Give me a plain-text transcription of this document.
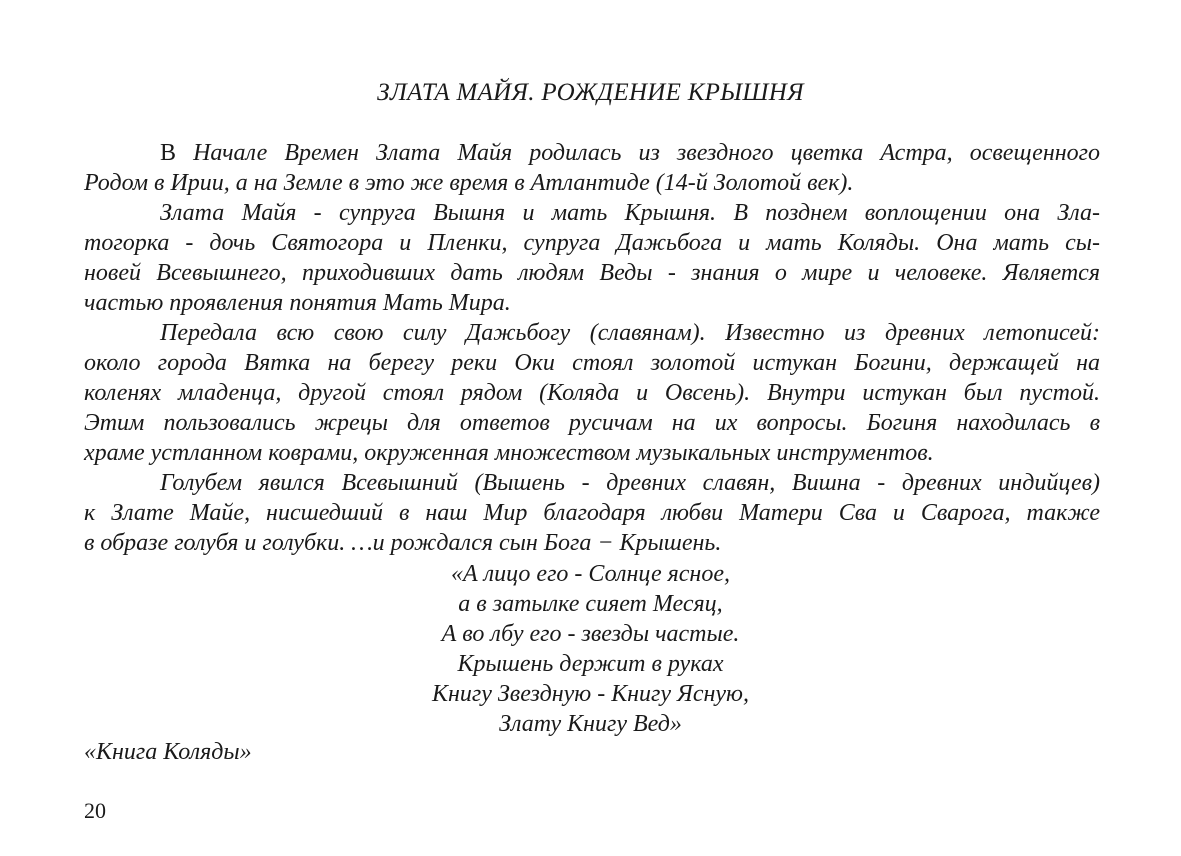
ЗЛАТА МАЙЯ. РОЖДЕНИЕ КРЫШНЯ
В Начале Времен Злата Майя родилась из звездного цветка Астра, освещенного
Родом в Ирии, а на Земле в это же время в Атлантиде (14-й Золотой век).
Злата Майя - супруга Вышня и мать Крышня. В позднем воплощении она Зла-
тогорка - дочь Святогора и Пленки, супруга Дажьбога и мать Коляды. Она мать сы-
новей Всевышнего, приходивших дать людям Веды - знания о мире и человеке. Является
частью проявления понятия Мать Мира.
Передала всю свою силу Дажьбогу (славянам). Известно из древних летописей:
около города Вятка на берегу реки Оки стоял золотой истукан Богини, держащей на
коленях младенца, другой стоял рядом (Коляда и Овсень). Внутри истукан был пустой.
Этим пользовались жрецы для ответов русичам на их вопросы. Богиня находилась в
храме устланном коврами, окруженная множеством музыкальных инструментов.
Голубем явился Всевышний (Вышень - древних славян, Вишна - древних индийцев)
к Злате Майе, нисшедший в наш Мир благодаря любви Матери Сва и Сварога, также
в образе голубя и голубки. …и рождался сын Бога − Крышень.
«А лицо его - Солнце ясное,
а в затылке сияет Месяц,
А во лбу его - звезды частые.
Крышень держит в руках
Книгу Звездную - Книгу Ясную,
Злату Книгу Вед»
«Книга Коляды»
20
